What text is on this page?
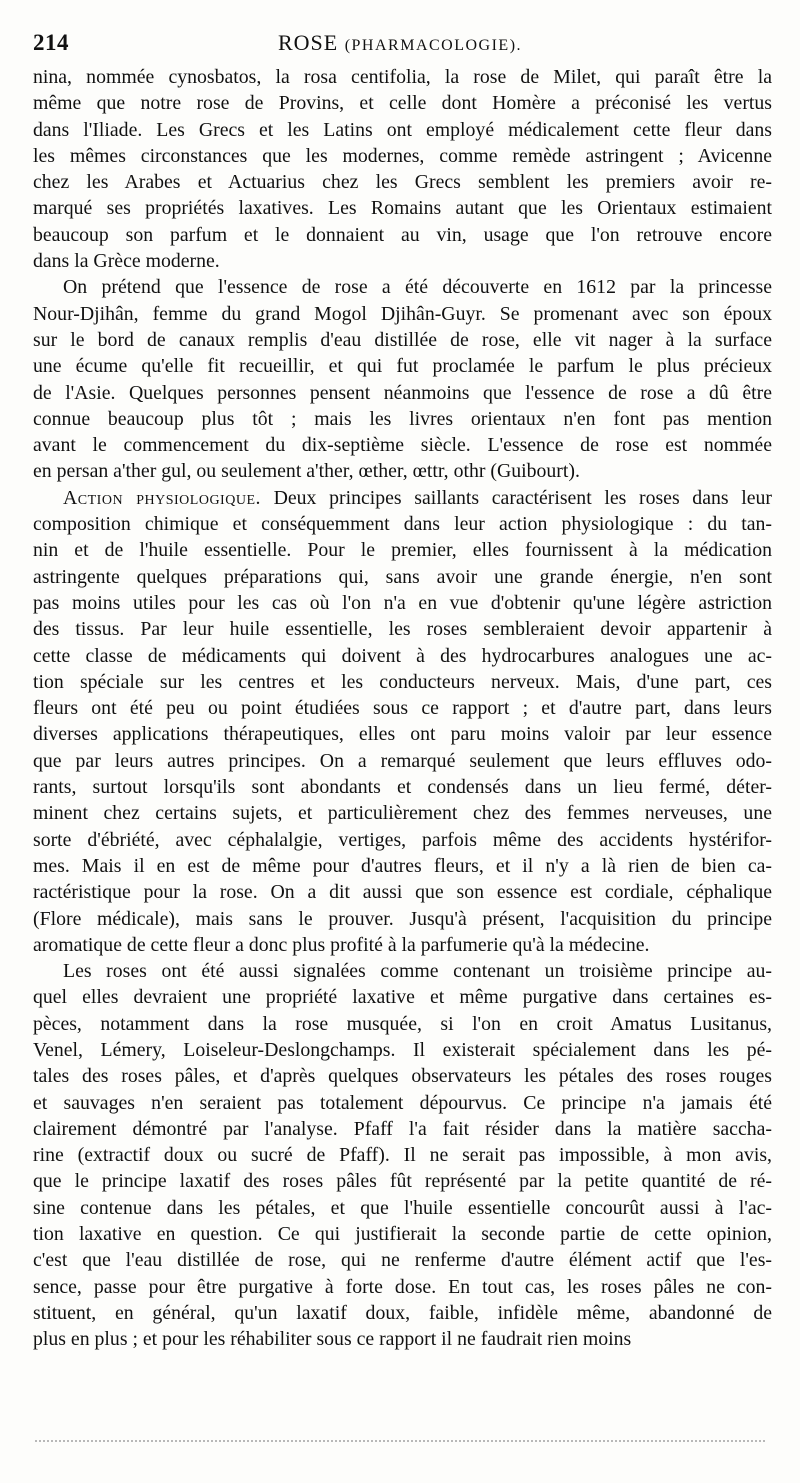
214	ROSE (PHARMACOLOGIE).
nina, nommée cynosbatos, la rosa centifolia, la rose de Milet, qui paraît être la
même que notre rose de Provins, et celle dont Homère a préconisé les vertus
dans l'Iliade. Les Grecs et les Latins ont employé médicalement cette fleur dans
les mêmes circonstances que les modernes, comme remède astringent ; Avicenne
chez les Arabes et Actuarius chez les Grecs semblent les premiers avoir re-
marqué ses propriétés laxatives. Les Romains autant que les Orientaux estimaient
beaucoup son parfum et le donnaient au vin, usage que l'on retrouve encore
dans la Grèce moderne.
On prétend que l'essence de rose a été découverte en 1612 par la princesse
Nour-Djihân, femme du grand Mogol Djihân-Guyr. Se promenant avec son époux
sur le bord de canaux remplis d'eau distillée de rose, elle vit nager à la surface
une écume qu'elle fit recueillir, et qui fut proclamée le parfum le plus précieux
de l'Asie. Quelques personnes pensent néanmoins que l'essence de rose a dû être
connue beaucoup plus tôt ; mais les livres orientaux n'en font pas mention
avant le commencement du dix-septième siècle. L'essence de rose est nommée
en persan a'ther gul, ou seulement a'ther, œther, œttr, othr (Guibourt).
Action physiologique. Deux principes saillants caractérisent les roses dans leur
composition chimique et conséquemment dans leur action physiologique : du tan-
nin et de l'huile essentielle. Pour le premier, elles fournissent à la médication
astringente quelques préparations qui, sans avoir une grande énergie, n'en sont
pas moins utiles pour les cas où l'on n'a en vue d'obtenir qu'une légère astriction
des tissus. Par leur huile essentielle, les roses sembleraient devoir appartenir à
cette classe de médicaments qui doivent à des hydrocarbures analogues une ac-
tion spéciale sur les centres et les conducteurs nerveux. Mais, d'une part, ces
fleurs ont été peu ou point étudiées sous ce rapport ; et d'autre part, dans leurs
diverses applications thérapeutiques, elles ont paru moins valoir par leur essence
que par leurs autres principes. On a remarqué seulement que leurs effluves odo-
rants, surtout lorsqu'ils sont abondants et condensés dans un lieu fermé, déter-
minent chez certains sujets, et particulièrement chez des femmes nerveuses, une
sorte d'ébriété, avec céphalalgie, vertiges, parfois même des accidents hystérifor-
mes. Mais il en est de même pour d'autres fleurs, et il n'y a là rien de bien ca-
ractéristique pour la rose. On a dit aussi que son essence est cordiale, céphalique
(Flore médicale), mais sans le prouver. Jusqu'à présent, l'acquisition du principe
aromatique de cette fleur a donc plus profité à la parfumerie qu'à la médecine.
Les roses ont été aussi signalées comme contenant un troisième principe au-
quel elles devraient une propriété laxative et même purgative dans certaines es-
pèces, notamment dans la rose musquée, si l'on en croit Amatus Lusitanus,
Venel, Lémery, Loiseleur-Deslongchamps. Il existerait spécialement dans les pé-
tales des roses pâles, et d'après quelques observateurs les pétales des roses rouges
et sauvages n'en seraient pas totalement dépourvus. Ce principe n'a jamais été
clairement démontré par l'analyse. Pfaff l'a fait résider dans la matière saccha-
rine (extractif doux ou sucré de Pfaff). Il ne serait pas impossible, à mon avis,
que le principe laxatif des roses pâles fût représenté par la petite quantité de ré-
sine contenue dans les pétales, et que l'huile essentielle concourût aussi à l'ac-
tion laxative en question. Ce qui justifierait la seconde partie de cette opinion,
c'est que l'eau distillée de rose, qui ne renferme d'autre élément actif que l'es-
sence, passe pour être purgative à forte dose. En tout cas, les roses pâles ne con-
stituent, en général, qu'un laxatif doux, faible, infidèle même, abandonné de
plus en plus ; et pour les réhabiliter sous ce rapport il ne faudrait rien moins
